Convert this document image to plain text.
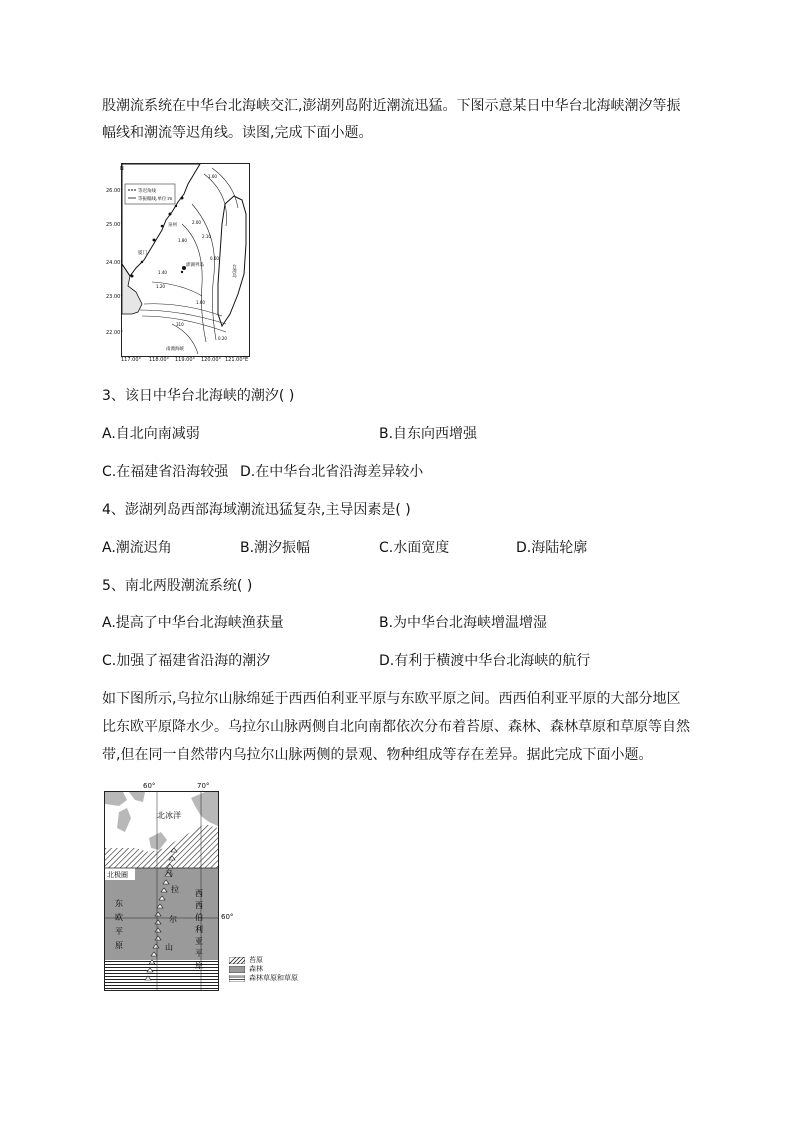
股潮流系统在中华台北海峡交汇,澎湖列岛附近潮流迅猛。下图示意某日中华台北海峡潮汐等振
幅线和潮流等迟角线。读图,完成下面小题。
等迟角线
等振幅线,单位:m
厦门
澎湖列岛	台湾岛
南澳海峡
泉州
1.60
2.00
1.80
1.20
1.40
0.60
0.20
1.60
2.10
310
N
26.00°
25.00°
24.00°
23.00°
22.00°
117.00° 118.00° 119.00° 120.00° 121.00°E
3、该日中华台北海峡的潮汐( )
A.自北向南减弱	B.自东向西增强
C.在福建省沿海较强 D.在中华台北省沿海差异较小
4、澎湖列岛西部海域潮流迅猛复杂,主导因素是( )
A.潮流迟角	B.潮汐振幅	C.水面宽度	D.海陆轮廓
5、南北两股潮流系统( )
A.提高了中华台北海峡渔获量	B.为中华台北海峡增温增湿
C.加强了福建省沿海的潮汐	D.有利于横渡中华台北海峡的航行
如下图所示,乌拉尔山脉绵延于西西伯利亚平原与东欧平原之间。西西伯利亚平原的大部分地区
比东欧平原降水少。乌拉尔山脉两侧自北向南都依次分布着苔原、森林、森林草原和草原等自然
带,但在同一自然带内乌拉尔山脉两侧的景观、物种组成等存在差异。据此完成下面小题。
60°	70°
北冰洋
北极圈
东
欧
平
原
乌
拉
尔
山
西
西
伯
利
亚
平
原
60°
苔原
森林
森林草原和草原
